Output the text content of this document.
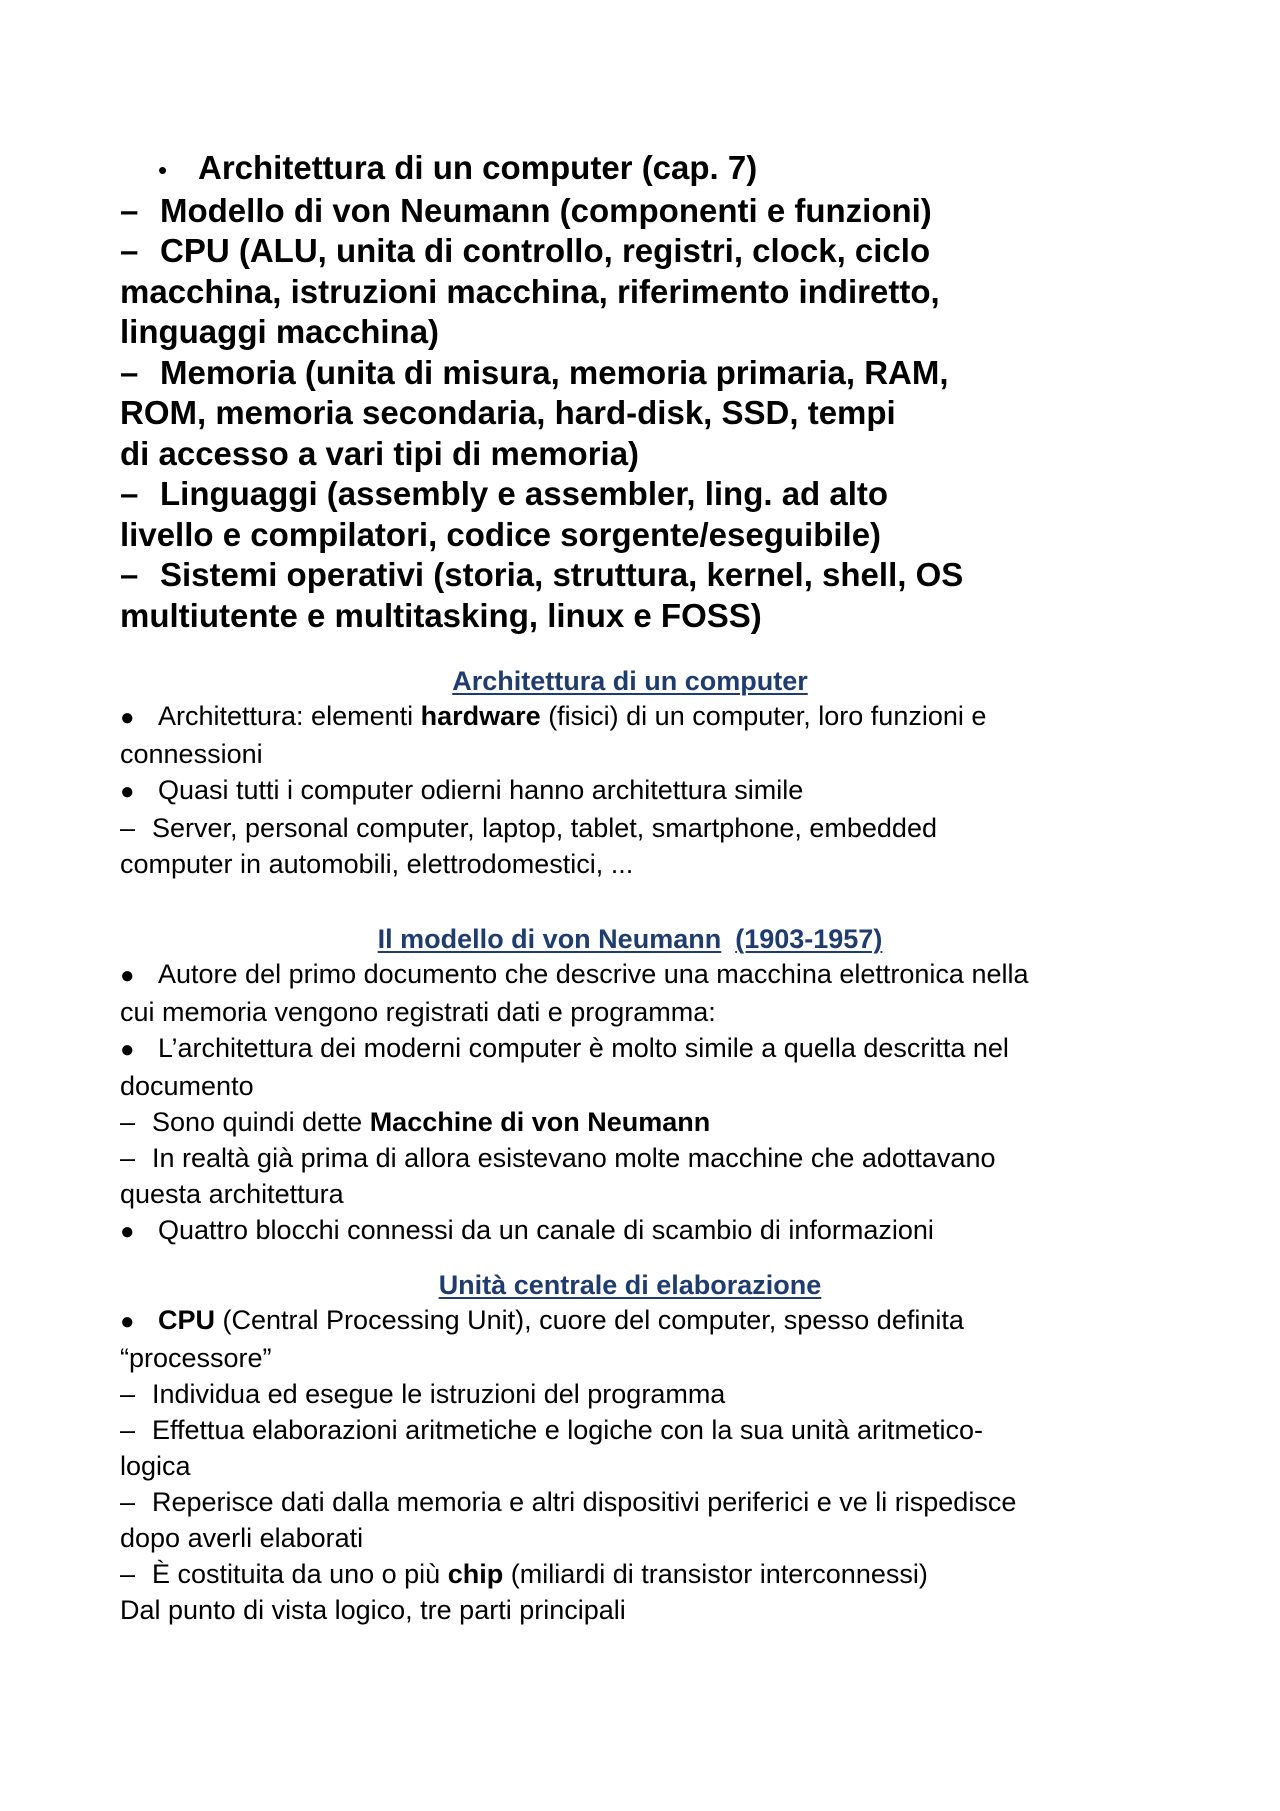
• Architettura di un computer (cap. 7)
– Modello di von Neumann (componenti e funzioni)
– CPU (ALU, unita di controllo, registri, clock, ciclo
macchina, istruzioni macchina, riferimento indiretto,
linguaggi macchina)
– Memoria (unita di misura, memoria primaria, RAM,
ROM, memoria secondaria, hard-disk, SSD, tempi
di accesso a vari tipi di memoria)
– Linguaggi (assembly e assembler, ling. ad alto
livello e compilatori, codice sorgente/eseguibile)
– Sistemi operativi (storia, struttura, kernel, shell, OS
multiutente e multitasking, linux e FOSS)
Architettura di un computer

● Architettura: elementi hardware (fisici) di un computer, loro funzioni e

connessioni

● Quasi tutti i computer odierni hanno architettura simile

– Server, personal computer, laptop, tablet, smartphone, embedded

computer in automobili, elettrodomestici, ...

Il modello di von Neumann (1903-1957)

● Autore del primo documento che descrive una macchina elettronica nella

cui memoria vengono registrati dati e programma:

● L’architettura dei moderni computer è molto simile a quella descritta nel

documento

– Sono quindi dette Macchine di von Neumann

– In realtà già prima di allora esistevano molte macchine che adottavano

questa architettura

● Quattro blocchi connessi da un canale di scambio di informazioni

Unità centrale di elaborazione

● CPU (Central Processing Unit), cuore del computer, spesso definita

“processore”

– Individua ed esegue le istruzioni del programma

– Effettua elaborazioni aritmetiche e logiche con la sua unità aritmetico-

logica

– Reperisce dati dalla memoria e altri dispositivi periferici e ve li rispedisce

dopo averli elaborati

– È costituita da uno o più chip (miliardi di transistor interconnessi)

Dal punto di vista logico, tre parti principali
